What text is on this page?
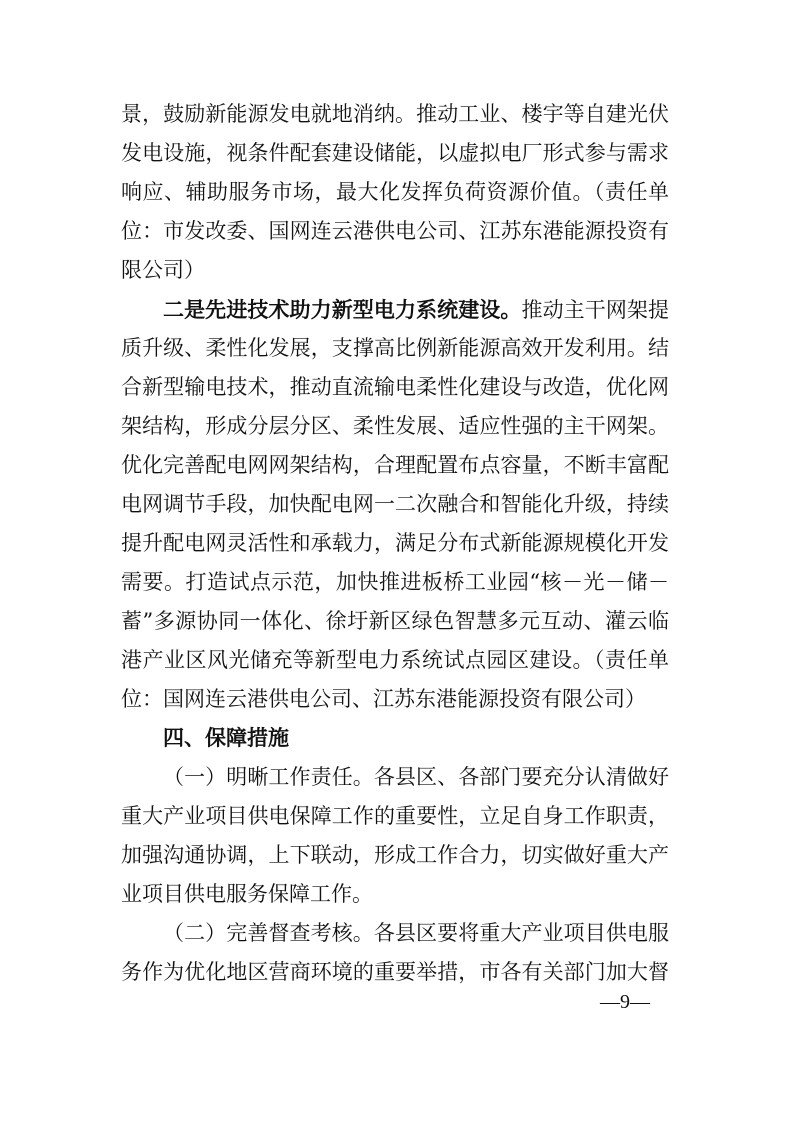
景，鼓励新能源发电就地消纳。推动工业、楼宇等自建光伏
发电设施，视条件配套建设储能，以虚拟电厂形式参与需求
响应、辅助服务市场，最大化发挥负荷资源价值。（责任单
位：市发改委、国网连云港供电公司、江苏东港能源投资有
限公司）
二是先进技术助力新型电力系统建设。推动主干网架提
质升级、柔性化发展，支撑高比例新能源高效开发利用。结
合新型输电技术，推动直流输电柔性化建设与改造，优化网
架结构，形成分层分区、柔性发展、适应性强的主干网架。
优化完善配电网网架结构，合理配置布点容量，不断丰富配
电网调节手段，加快配电网一二次融合和智能化升级，持续
提升配电网灵活性和承载力，满足分布式新能源规模化开发
需要。打造试点示范，加快推进板桥工业园“核－光－储－
蓄”多源协同一体化、徐圩新区绿色智慧多元互动、灌云临
港产业区风光储充等新型电力系统试点园区建设。（责任单
位：国网连云港供电公司、江苏东港能源投资有限公司）
四、保障措施
（一）明晰工作责任。各县区、各部门要充分认清做好
重大产业项目供电保障工作的重要性，立足自身工作职责，
加强沟通协调，上下联动，形成工作合力，切实做好重大产
业项目供电服务保障工作。
（二）完善督查考核。各县区要将重大产业项目供电服
务作为优化地区营商环境的重要举措，市各有关部门加大督
—9—
